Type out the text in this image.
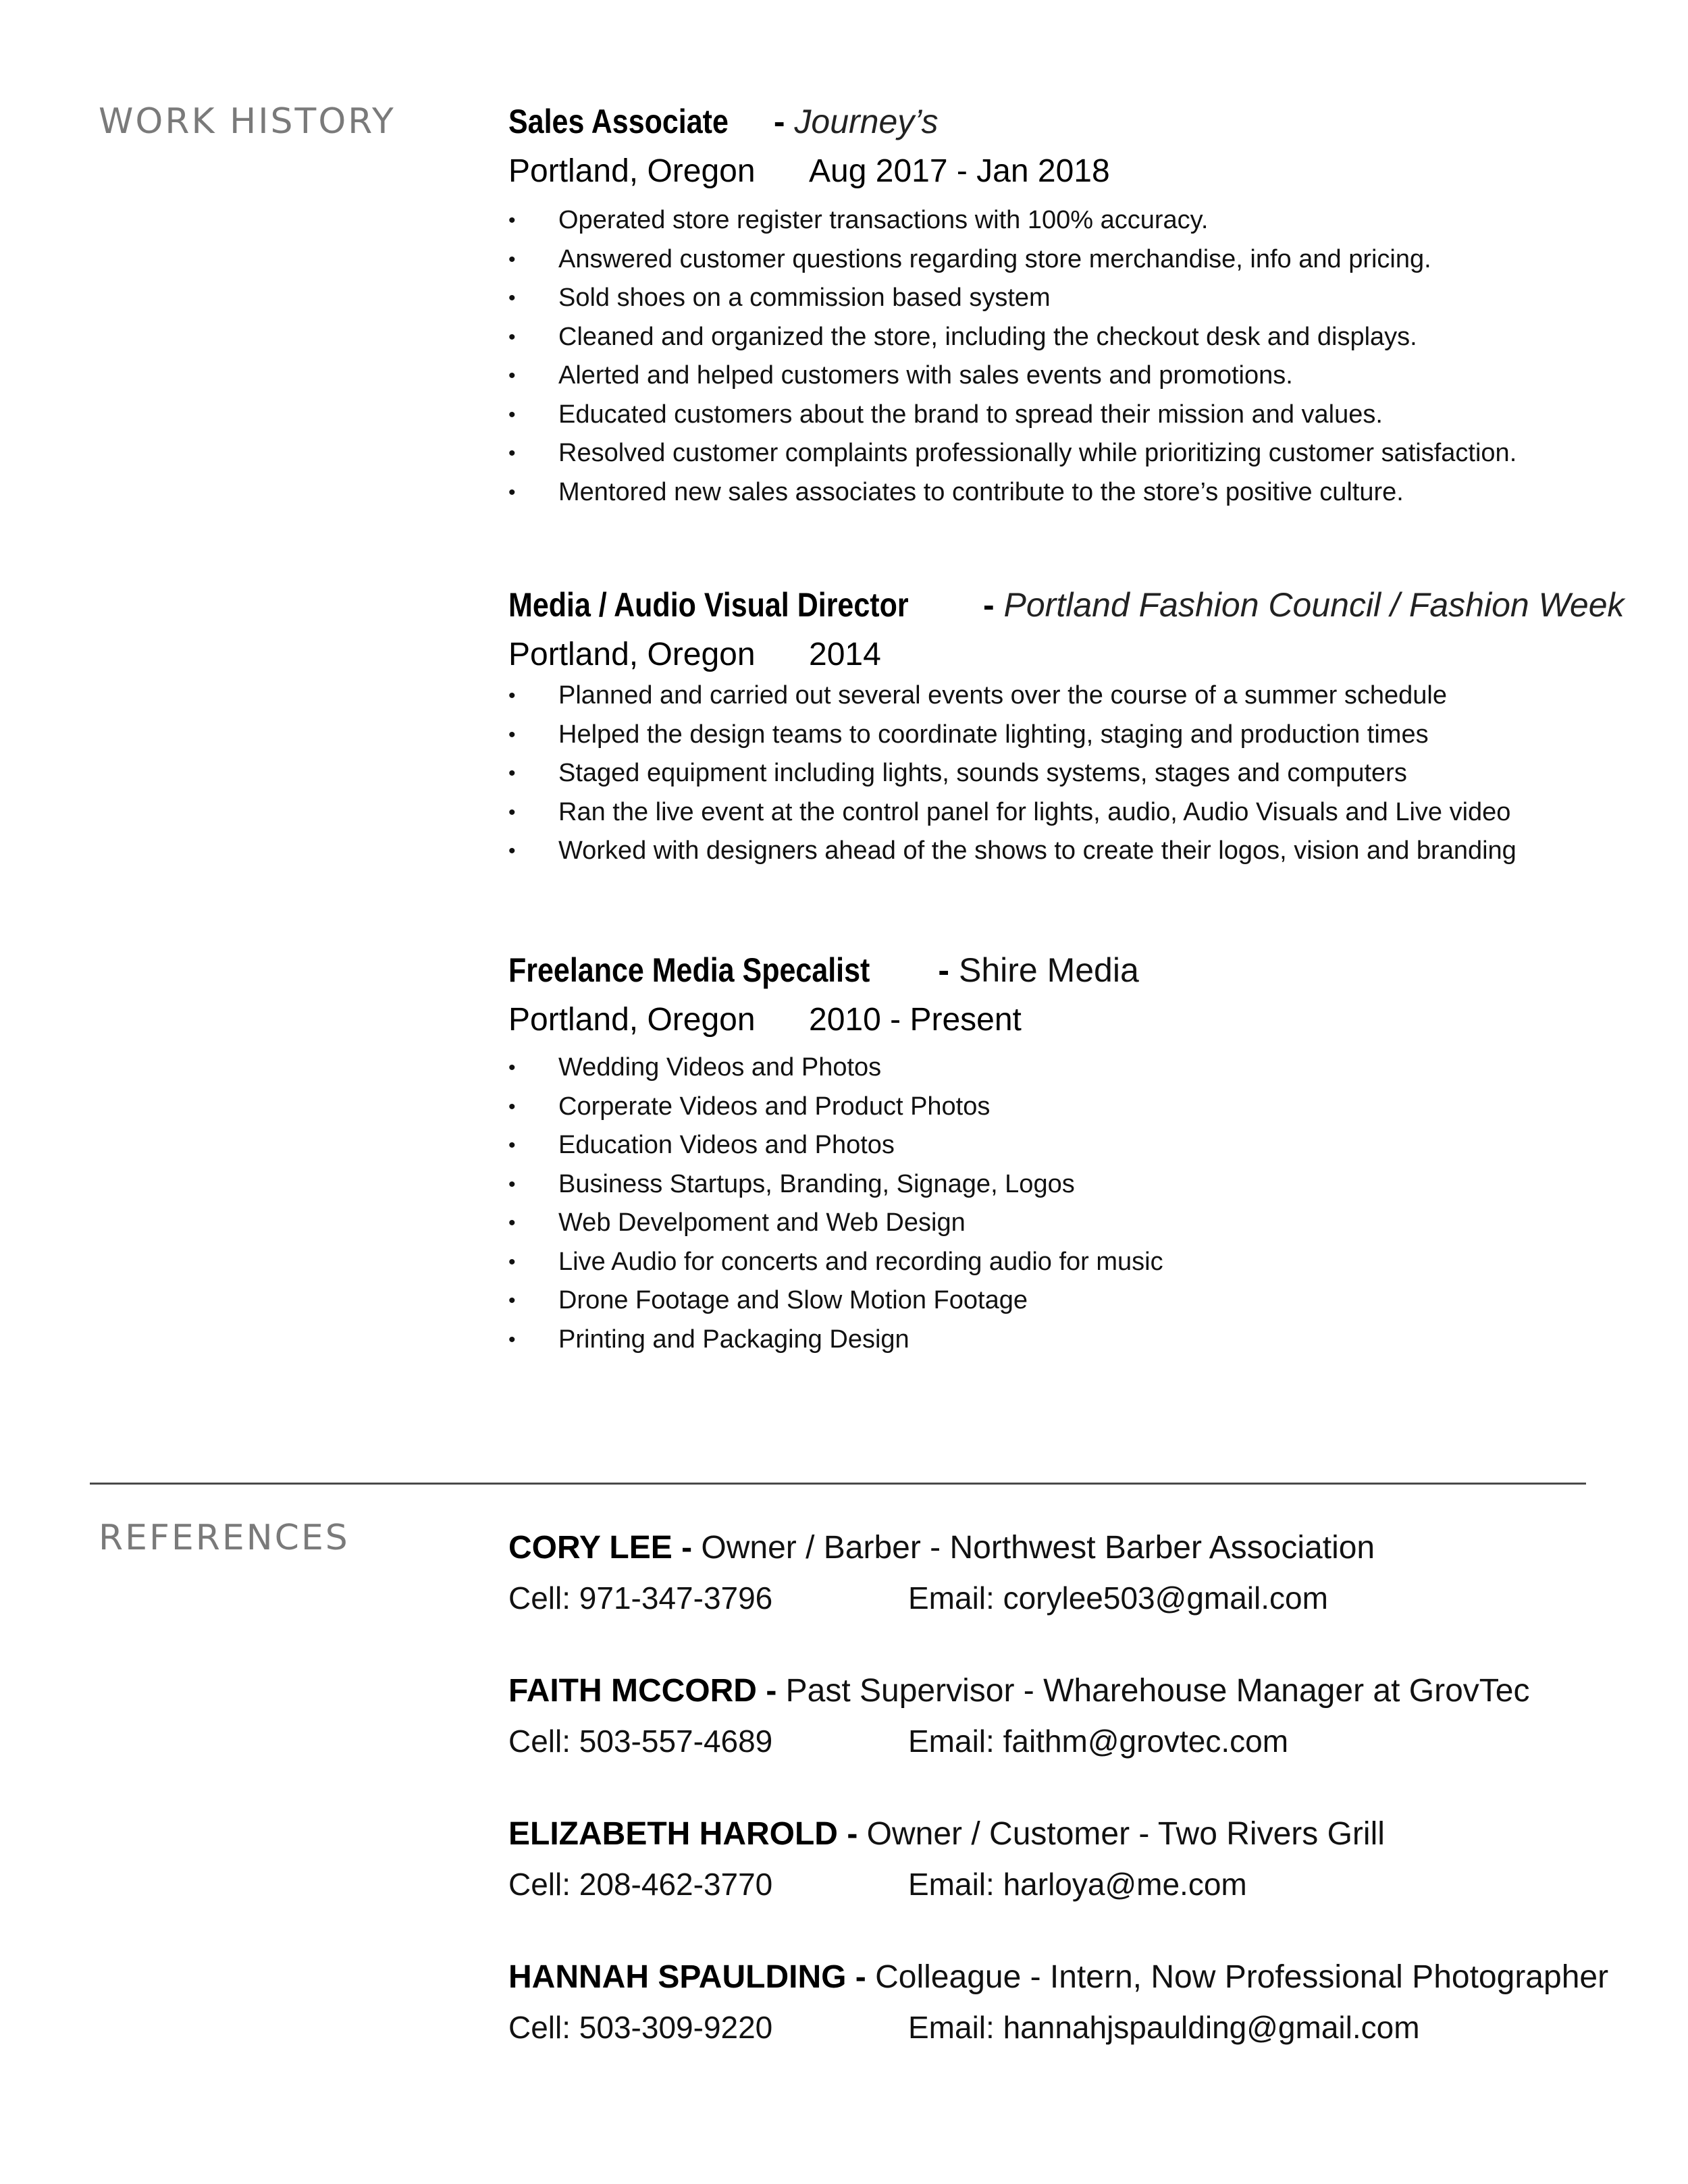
WORK HISTORY	Sales Associate - Journey’s

Portland, Oregon Aug 2017 - Jan 2018
• Operated store register transactions with 100% accuracy.
• Answered customer questions regarding store merchandise, info and pricing.
• Sold shoes on a commission based system
• Cleaned and organized the store, including the checkout desk and displays.
• Alerted and helped customers with sales events and promotions.
• Educated customers about the brand to spread their mission and values.
• Resolved customer complaints professionally while prioritizing customer satisfaction.
• Mentored new sales associates to contribute to the store’s positive culture.

Media / Audio Visual Director - Portland Fashion Council / Fashion Week

Portland, Oregon 2014
• Planned and carried out several events over the course of a summer schedule
• Helped the design teams to coordinate lighting, staging and production times
• Staged equipment including lights, sounds systems, stages and computers
• Ran the live event at the control panel for lights, audio, Audio Visuals and Live video
• Worked with designers ahead of the shows to create their logos, vision and branding

Freelance Media Specalist - Shire Media

Portland, Oregon 2010 - Present
• Wedding Videos and Photos
• Corperate Videos and Product Photos
• Education Videos and Photos
• Business Startups, Branding, Signage, Logos
• Web Develpoment and Web Design
• Live Audio for concerts and recording audio for music
• Drone Footage and Slow Motion Footage
• Printing and Packaging Design
REFERENCES	CORY LEE - Owner / Barber - Northwest Barber Association

Cell: 971-347-3796	Email: corylee503@gmail.com

FAITH MCCORD - Past Supervisor - Wharehouse Manager at GrovTec

Cell: 503-557-4689	Email: faithm@grovtec.com

ELIZABETH HAROLD - Owner / Customer - Two Rivers Grill

Cell: 208-462-3770	Email: harloya@me.com

HANNAH SPAULDING - Colleague - Intern, Now Professional Photographer

Cell: 503-309-9220	Email: hannahjspaulding@gmail.com
